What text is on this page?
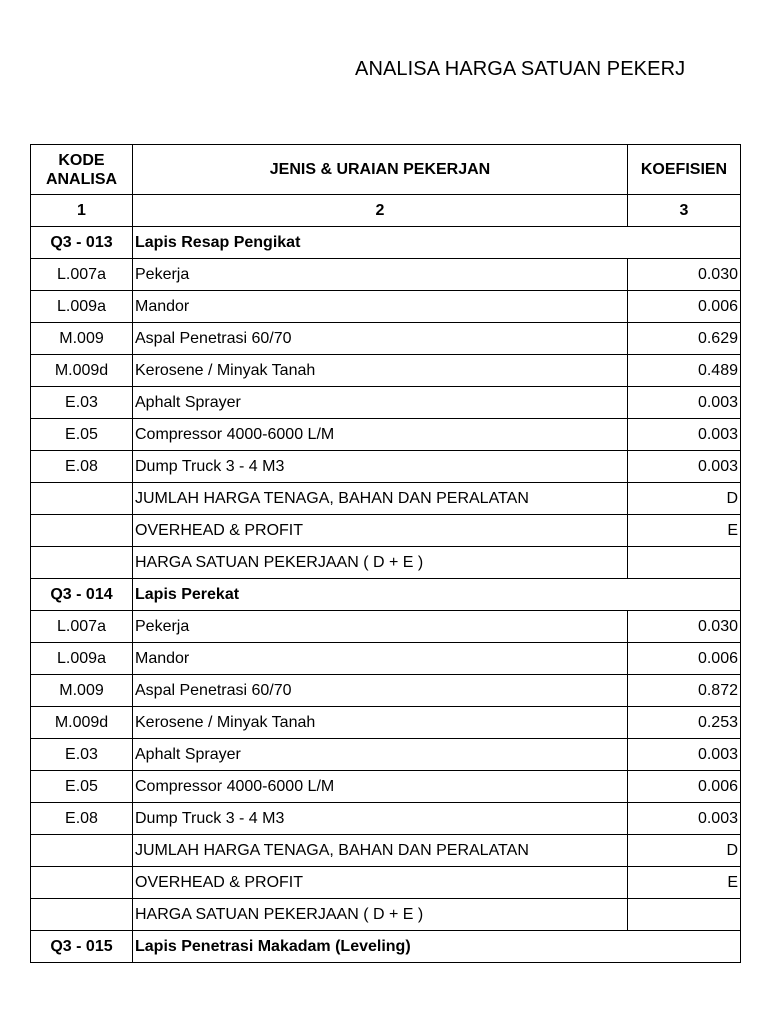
ANALISA HARGA SATUAN PEKERJ
KODE
ANALISA	JENIS & URAIAN PEKERJAN	KOEFISIEN
1	2	3
Q3 - 013	Lapis Resap Pengikat	
L.007a	Pekerja	0.030
L.009a	Mandor	0.006
M.009	Aspal Penetrasi 60/70	0.629
M.009d	Kerosene / Minyak Tanah	0.489
E.03	Aphalt Sprayer	0.003
E.05	Compressor 4000-6000 L/M	0.003
E.08	Dump Truck 3 - 4 M3	0.003
	JUMLAH HARGA TENAGA, BAHAN DAN PERALATAN	D
	OVERHEAD & PROFIT	E
	HARGA SATUAN PEKERJAAN ( D + E )	
Q3 - 014	Lapis Perekat	
L.007a	Pekerja	0.030
L.009a	Mandor	0.006
M.009	Aspal Penetrasi 60/70	0.872
M.009d	Kerosene / Minyak Tanah	0.253
E.03	Aphalt Sprayer	0.003
E.05	Compressor 4000-6000 L/M	0.006
E.08	Dump Truck 3 - 4 M3	0.003
	JUMLAH HARGA TENAGA, BAHAN DAN PERALATAN	D
	OVERHEAD & PROFIT	E
	HARGA SATUAN PEKERJAAN ( D + E )	
Q3 - 015	Lapis Penetrasi Makadam (Leveling)	
